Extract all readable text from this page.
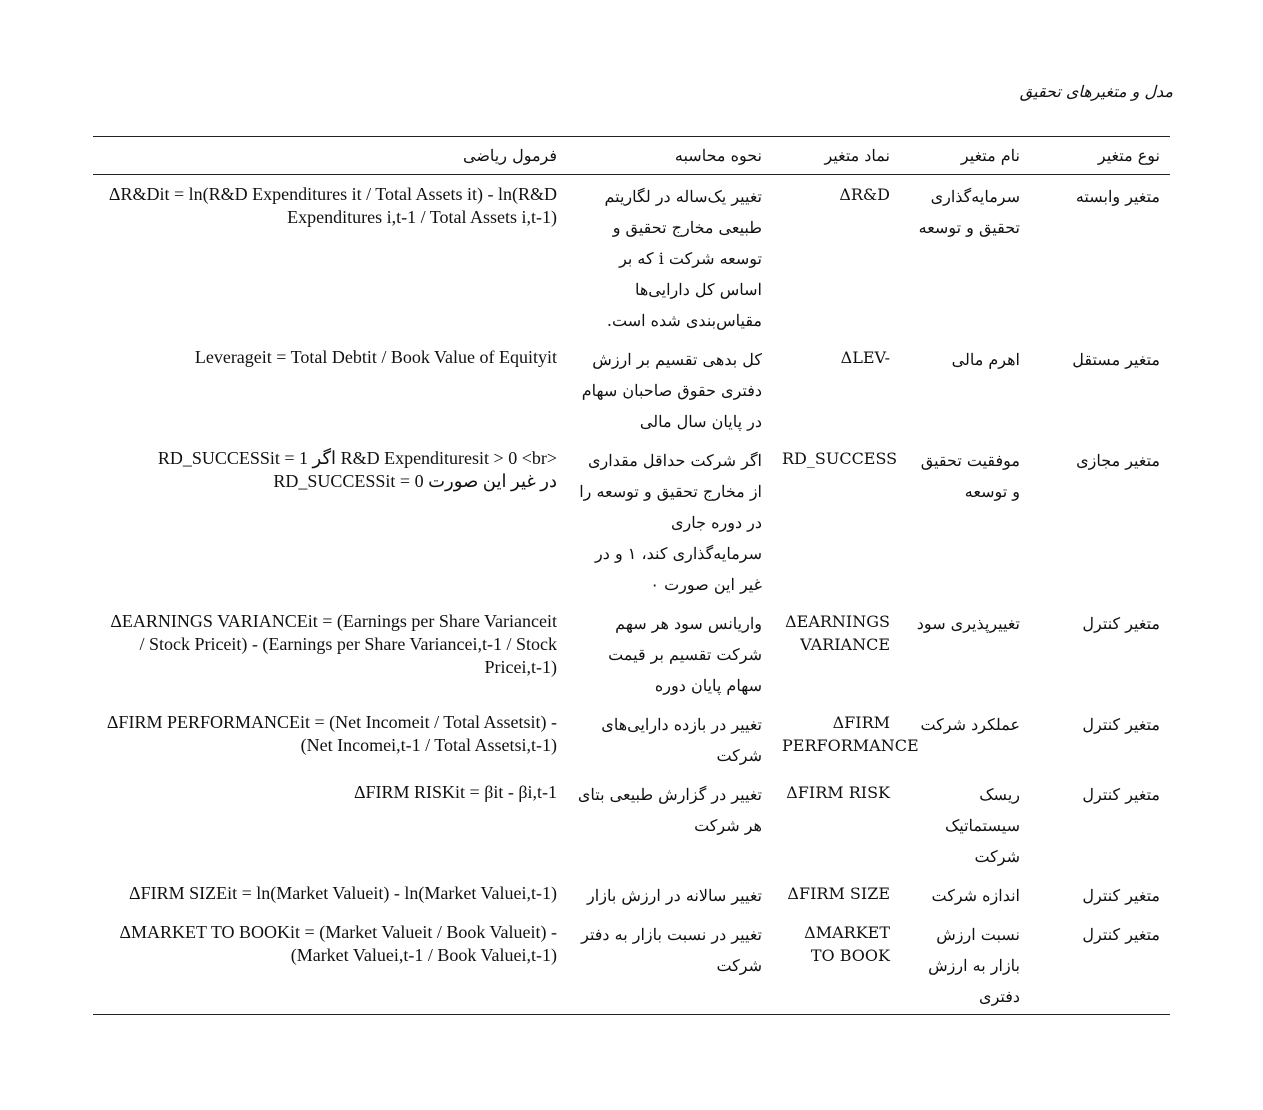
مدل و متغیرهای تحقیق
نوع متغیر	نام متغیر	نماد متغیر	نحوه محاسبه	فرمول ریاضی
متغیر وابسته	سرمایه‌گذاری تحقیق و توسعه	ΔR&D	تغییر یک‌ساله در لگاریتم طبیعی مخارج تحقیق و توسعه شرکت i که بر اساس کل دارایی‌ها مقیاس‌بندی شده است.	ΔR&Dit = ln(R&D Expenditures it / Total Assets it) - ln(R&D Expenditures i,t-1 / Total Assets i,t-1)
متغیر مستقل	اهرم مالی	ΔLEV-	کل بدهی تقسیم بر ارزش دفتری حقوق صاحبان سهام در پایان سال مالی	Leverageit = Total Debtit / Book Value of Equityit
متغیر مجازی	موفقیت تحقیق و توسعه	RD_SUCCESS	اگر شرکت حداقل مقداری از مخارج تحقیق و توسعه را در دوره جاری سرمایه‌گذاری کند، ۱ و در غیر این صورت ۰	RD_SUCCESSit = 1 اگر R&D Expendituresit > 0 <br> RD_SUCCESSit = 0 در غیر این صورت
متغیر کنترل	تغییرپذیری سود	ΔEARNINGS VARIANCE	واریانس سود هر سهم شرکت تقسیم بر قیمت سهام پایان دوره	ΔEARNINGS VARIANCEit = (Earnings per Share Varianceit / Stock Priceit) - (Earnings per Share Variancei,t-1 / Stock Pricei,t-1)
متغیر کنترل	عملکرد شرکت	ΔFIRM PERFORMANCE	تغییر در بازده دارایی‌های شرکت	ΔFIRM PERFORMANCEit = (Net Incomeit / Total Assetsit) - (Net Incomei,t-1 / Total Assetsi,t-1)
متغیر کنترل	ریسک سیستماتیک شرکت	ΔFIRM RISK	تغییر در گزارش طبیعی بتای هر شرکت	ΔFIRM RISKit = βit - βi,t-1
متغیر کنترل	اندازه شرکت	ΔFIRM SIZE	تغییر سالانه در ارزش بازار	ΔFIRM SIZEit = ln(Market Valueit) - ln(Market Valuei,t-1)
متغیر کنترل	نسبت ارزش بازار به ارزش دفتری	ΔMARKET TO BOOK	تغییر در نسبت بازار به دفتر شرکت	ΔMARKET TO BOOKit = (Market Valueit / Book Valueit) - (Market Valuei,t-1 / Book Valuei,t-1)
